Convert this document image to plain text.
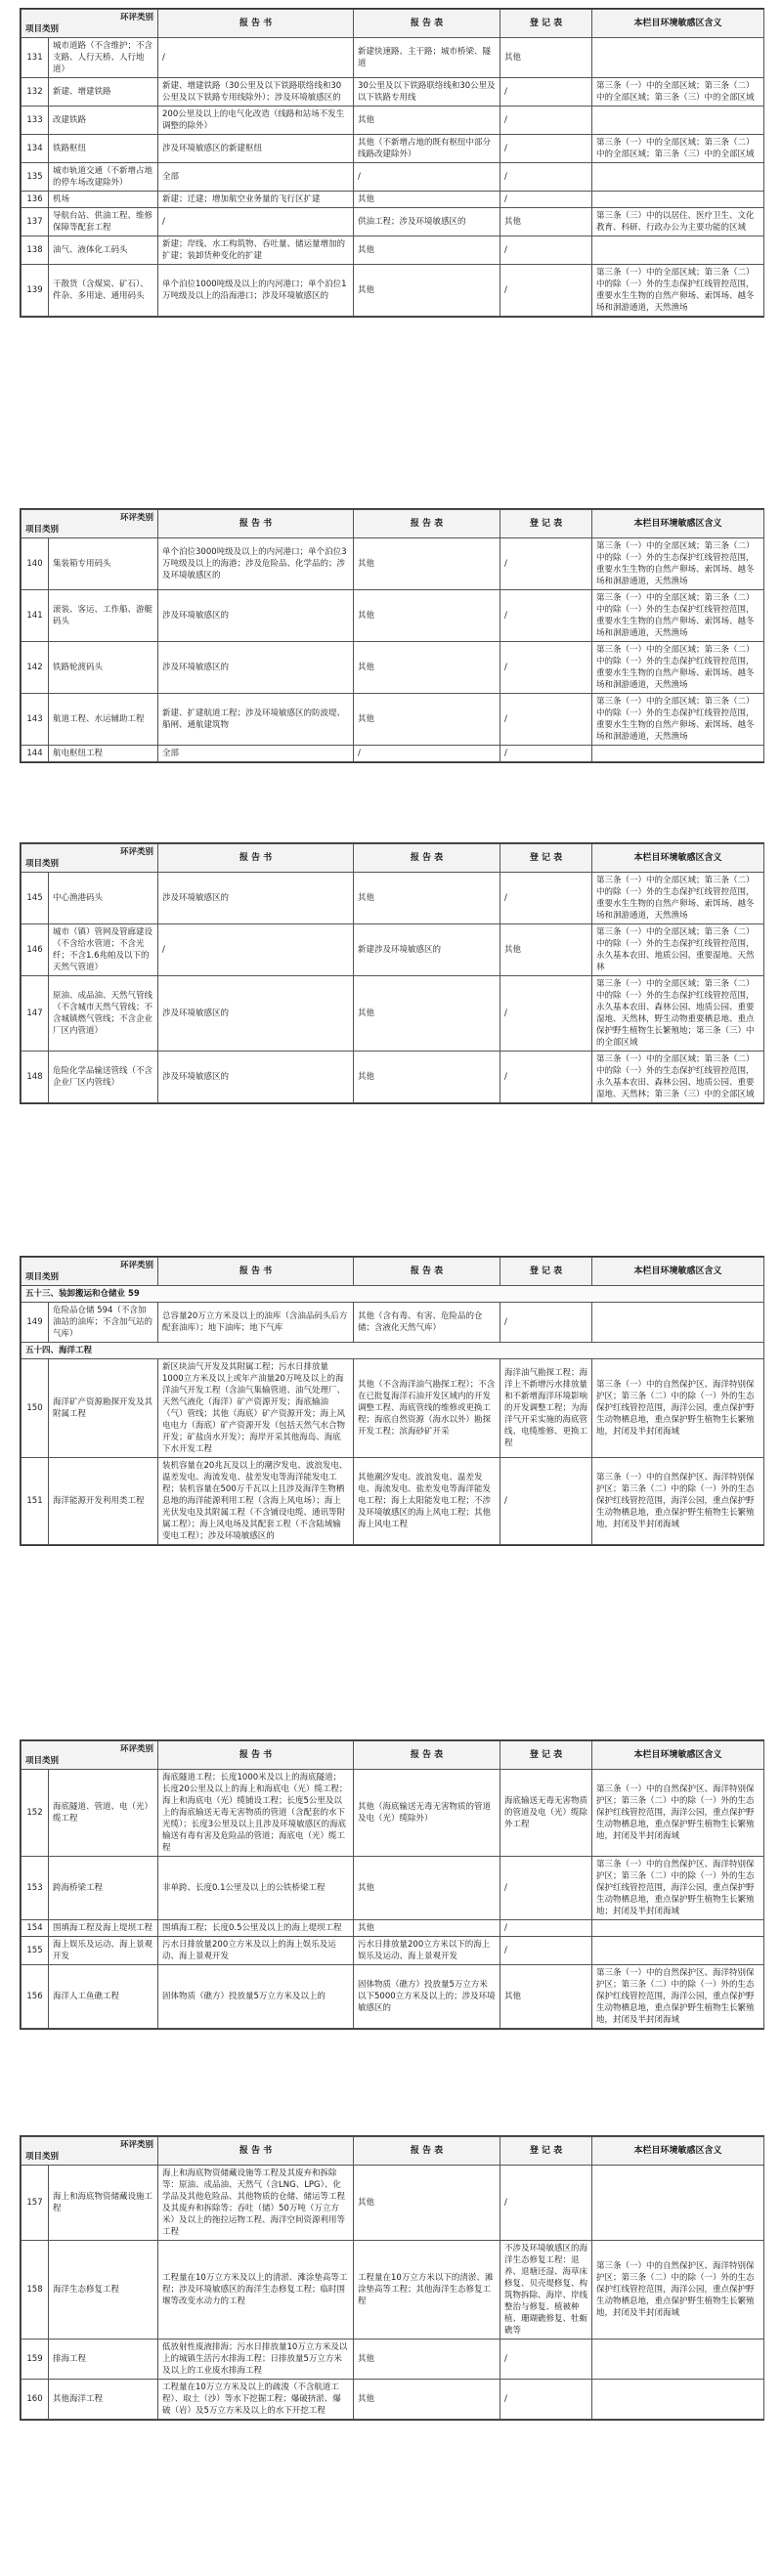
环评类别
项目类别		报 告 书	报 告 表	登 记 表	本栏目环境敏感区含义
131	城市道路（不含维护；不含支路、人行天桥、人行地道）	/	新建快速路、主干路；城市桥梁、隧道	其他	
132	新建、增建铁路	新建、增建铁路（30公里及以下铁路联络线和30公里及以下铁路专用线除外）；涉及环境敏感区的	30公里及以下铁路联络线和30公里及以下铁路专用线	/	第三条（一）中的全部区域；第三条（二）中的全部区域；第三条（三）中的全部区域
133	改建铁路	200公里及以上的电气化改造（线路和站场不发生调整的除外）	其他	/	
134	铁路枢纽	涉及环境敏感区的新建枢纽	其他（不新增占地的既有枢纽中部分线路改建除外）	/	第三条（一）中的全部区域；第三条（二）中的全部区域；第三条（三）中的全部区域
135	城市轨道交通（不新增占地的停车场改建除外）	全部	/	/	
136	机场	新建；迁建；增加航空业务量的飞行区扩建	其他	/	
137	导航台站、供油工程、维修保障等配套工程	/	供油工程；涉及环境敏感区的	其他	第三条（三）中的以居住、医疗卫生、文化教育、科研、行政办公为主要功能的区域
138	油气、液体化工码头	新建；岸线、水工构筑物、吞吐量、储运量增加的扩建；装卸货种变化的扩建	其他	/	
139	干散货（含煤炭、矿石）、件杂、多用途、通用码头	单个泊位1000吨级及以上的内河港口；单个泊位1万吨级及以上的沿海港口；涉及环境敏感区的	其他	/	第三条（一）中的全部区域；第三条（二）中的除（一）外的生态保护红线管控范围，重要水生生物的自然产卵场、索饵场、越冬场和洄游通道，天然渔场
环评类别
项目类别		报 告 书	报 告 表	登 记 表	本栏目环境敏感区含义
140	集装箱专用码头	单个泊位3000吨级及以上的内河港口；单个泊位3万吨级及以上的海港；涉及危险品、化学品的；涉及环境敏感区的	其他	/	第三条（一）中的全部区域；第三条（二）中的除（一）外的生态保护红线管控范围，重要水生生物的自然产卵场、索饵场、越冬场和洄游通道，天然渔场
141	滚装、客运、工作船、游艇码头	涉及环境敏感区的	其他	/	第三条（一）中的全部区域；第三条（二）中的除（一）外的生态保护红线管控范围，重要水生生物的自然产卵场、索饵场、越冬场和洄游通道，天然渔场
142	铁路轮渡码头	涉及环境敏感区的	其他	/	第三条（一）中的全部区域；第三条（二）中的除（一）外的生态保护红线管控范围，重要水生生物的自然产卵场、索饵场、越冬场和洄游通道，天然渔场
143	航道工程、水运辅助工程	新建、扩建航道工程；涉及环境敏感区的防波堤、船闸、通航建筑物	其他	/	第三条（一）中的全部区域；第三条（二）中的除（一）外的生态保护红线管控范围，重要水生生物的自然产卵场、索饵场、越冬场和洄游通道，天然渔场
144	航电枢纽工程	全部	/	/	
环评类别
项目类别		报 告 书	报 告 表	登 记 表	本栏目环境敏感区含义
145	中心渔港码头	涉及环境敏感区的	其他	/	第三条（一）中的全部区域；第三条（二）中的除（一）外的生态保护红线管控范围，重要水生生物的自然产卵场、索饵场、越冬场和洄游通道，天然渔场
146	城市（镇）管网及管廊建设（不含给水管道；不含光纤；不含1.6兆帕及以下的天然气管道）	/	新建涉及环境敏感区的	其他	第三条（一）中的全部区域；第三条（二）中的除（一）外的生态保护红线管控范围，永久基本农田、地质公园、重要湿地、天然林
147	原油、成品油、天然气管线（不含城市天然气管线；不含城镇燃气管线；不含企业厂区内管道）	涉及环境敏感区的	其他	/	第三条（一）中的全部区域；第三条（二）中的除（一）外的生态保护红线管控范围，永久基本农田、森林公园、地质公园、重要湿地、天然林，野生动物重要栖息地、重点保护野生植物生长繁殖地；第三条（三）中的全部区域
148	危险化学品输送管线（不含企业厂区内管线）	涉及环境敏感区的	其他	/	第三条（一）中的全部区域；第三条（二）中的除（一）外的生态保护红线管控范围，永久基本农田、森林公园、地质公园、重要湿地、天然林；第三条（三）中的全部区域
环评类别
项目类别		报 告 书	报 告 表	登 记 表	本栏目环境敏感区含义
五十三、装卸搬运和仓储业 59					
149	危险品仓储 594（不含加油站的油库；不含加气站的气库）	总容量20万立方米及以上的油库（含油品码头后方配套油库）；地下油库；地下气库	其他（含有毒、有害、危险品的仓储；含液化天然气库）	/	
五十四、海洋工程					
150	海洋矿产资源勘探开发及其附属工程	新区块油气开发及其附属工程；污水日排放量1000立方米及以上或年产油量20万吨及以上的海洋油气开发工程（含油气集输管道、油气处理厂、天然气液化（海洋）矿产资源开发；海底输油（气）管线；其他（海底）矿产资源开发；海上风电电力（海底）矿产资源开发（包括天然气水合物开发；矿盐卤水开发）；海岸开采其他海岛、海底下水开发工程	其他（不含海洋油气勘探工程）；不含在已批复海洋石油开发区域内的开发调整工程、海底管线的维修或更换工程；海底自然资源（海水以外）勘探开发工程；滨海砂矿开采	海洋油气勘探工程；海洋上不新增污水排放量和不新增海洋环境影响的开发调整工程；为海洋气开采实施的海底管线、电缆维修、更换工程	第三条（一）中的自然保护区、海洋特别保护区；第三条（二）中的除（一）外的生态保护红线管控范围，海洋公园，重点保护野生动物栖息地，重点保护野生植物生长繁殖地，封闭及半封闭海域
151	海洋能源开发利用类工程	装机容量在20兆瓦及以上的潮汐发电、波浪发电、温差发电、海流发电、盐差发电等海洋能发电工程；装机容量在500万千瓦以上且涉及海洋生物栖息地的海洋能源利用工程（含海上风电场）；海上光伏发电及其附属工程（不含铺设电缆、通讯等附属工程）；海上风电场及其配套工程（不含陆域输变电工程）；涉及环境敏感区的	其他潮汐发电、波浪发电、温差发电、海流发电、盐差发电等海洋能发电工程；海上太阳能发电工程；不涉及环境敏感区的海上风电工程；其他海上风电工程	/	第三条（一）中的自然保护区、海洋特别保护区；第三条（二）中的除（一）外的生态保护红线管控范围，海洋公园，重点保护野生动物栖息地，重点保护野生植物生长繁殖地，封闭及半封闭海域
环评类别
项目类别		报 告 书	报 告 表	登 记 表	本栏目环境敏感区含义
152	海底隧道、管道、电（光）缆工程	海底隧道工程；长度1000米及以上的海底隧道；长度20公里及以上的海上和海底电（光）缆工程；海上和海底电（光）缆铺设工程；长度5公里及以上的海底输送无毒无害物质的管道（含配套的水下光缆）；长度3公里及以上且涉及环境敏感区的海底输送有毒有害及危险品的管道；海底电（光）缆工程	其他（海底输送无毒无害物质的管道及电（光）缆除外）	海底输送无毒无害物质的管道及电（光）缆除外工程	第三条（一）中的自然保护区、海洋特别保护区；第三条（二）中的除（一）外的生态保护红线管控范围，海洋公园，重点保护野生动物栖息地，重点保护野生植物生长繁殖地，封闭及半封闭海域
153	跨海桥梁工程	非单跨、长度0.1公里及以上的公铁桥梁工程	其他	/	第三条（一）中的自然保护区、海洋特别保护区；第三条（二）中的除（一）外的生态保护红线管控范围，海洋公园，重点保护野生动物栖息地，重点保护野生植物生长繁殖地；封闭及半封闭海域
154	围填海工程及海上堤坝工程	围填海工程；长度0.5公里及以上的海上堤坝工程	其他	/	
155	海上娱乐及运动、海上景观开发	污水日排放量200立方米及以上的海上娱乐及运动、海上景观开发	污水日排放量200立方米以下的海上娱乐及运动、海上景观开发	/	
156	海洋人工鱼礁工程	固体物质（礁方）投放量5万立方米及以上的	固体物质（礁方）投放量5万立方米以下5000立方米及以上的；涉及环境敏感区的	其他	第三条（一）中的自然保护区、海洋特别保护区；第三条（二）中的除（一）外的生态保护红线管控范围，海洋公园，重点保护野生动物栖息地，重点保护野生植物生长繁殖地，封闭及半封闭海域
环评类别
项目类别		报 告 书	报 告 表	登 记 表	本栏目环境敏感区含义
157	海上和海底物资储藏设施工程	海上和海底物资储藏设施等工程及其废弃和拆除等：原油、成品油、天然气（含LNG、LPG）、化学品及其他危险品、其他物质的仓储、储运等工程及其废弃和拆除等；吞吐（储）50万吨（万立方米）及以上的拖拉运物工程、海洋空间资源利用等工程	其他	/	
158	海洋生态修复工程	工程量在10万立方米及以上的清淤、滩涂垫高等工程；涉及环境敏感区的海洋生态修复工程；临时围堰等改变水动力的工程	工程量在10万立方米以下的清淤、滩涂垫高等工程；其他海洋生态修复工程	不涉及环境敏感区的海洋生态修复工程：退养、退塘还湿、海草床修复、贝壳堤修复、构筑物拆除、海岸、岸线整治与修复、植被种植、珊瑚礁修复、牡蛎礁等	第三条（一）中的自然保护区、海洋特别保护区；第三条（二）中的除（一）外的生态保护红线管控范围，海洋公园，重点保护野生动物栖息地，重点保护野生植物生长繁殖地，封闭及半封闭海域
159	排海工程	低放射性废液排海；污水日排放量10万立方米及以上的城镇生活污水排海工程；日排放量5万立方米及以上的工业废水排海工程	其他	/	
160	其他海洋工程	工程量在10万立方米及以上的疏浚（不含航道工程）、取土（沙）等水下挖掘工程；爆破挤淤、爆破（岩）及5万立方米及以上的水下开挖工程	其他	/	
